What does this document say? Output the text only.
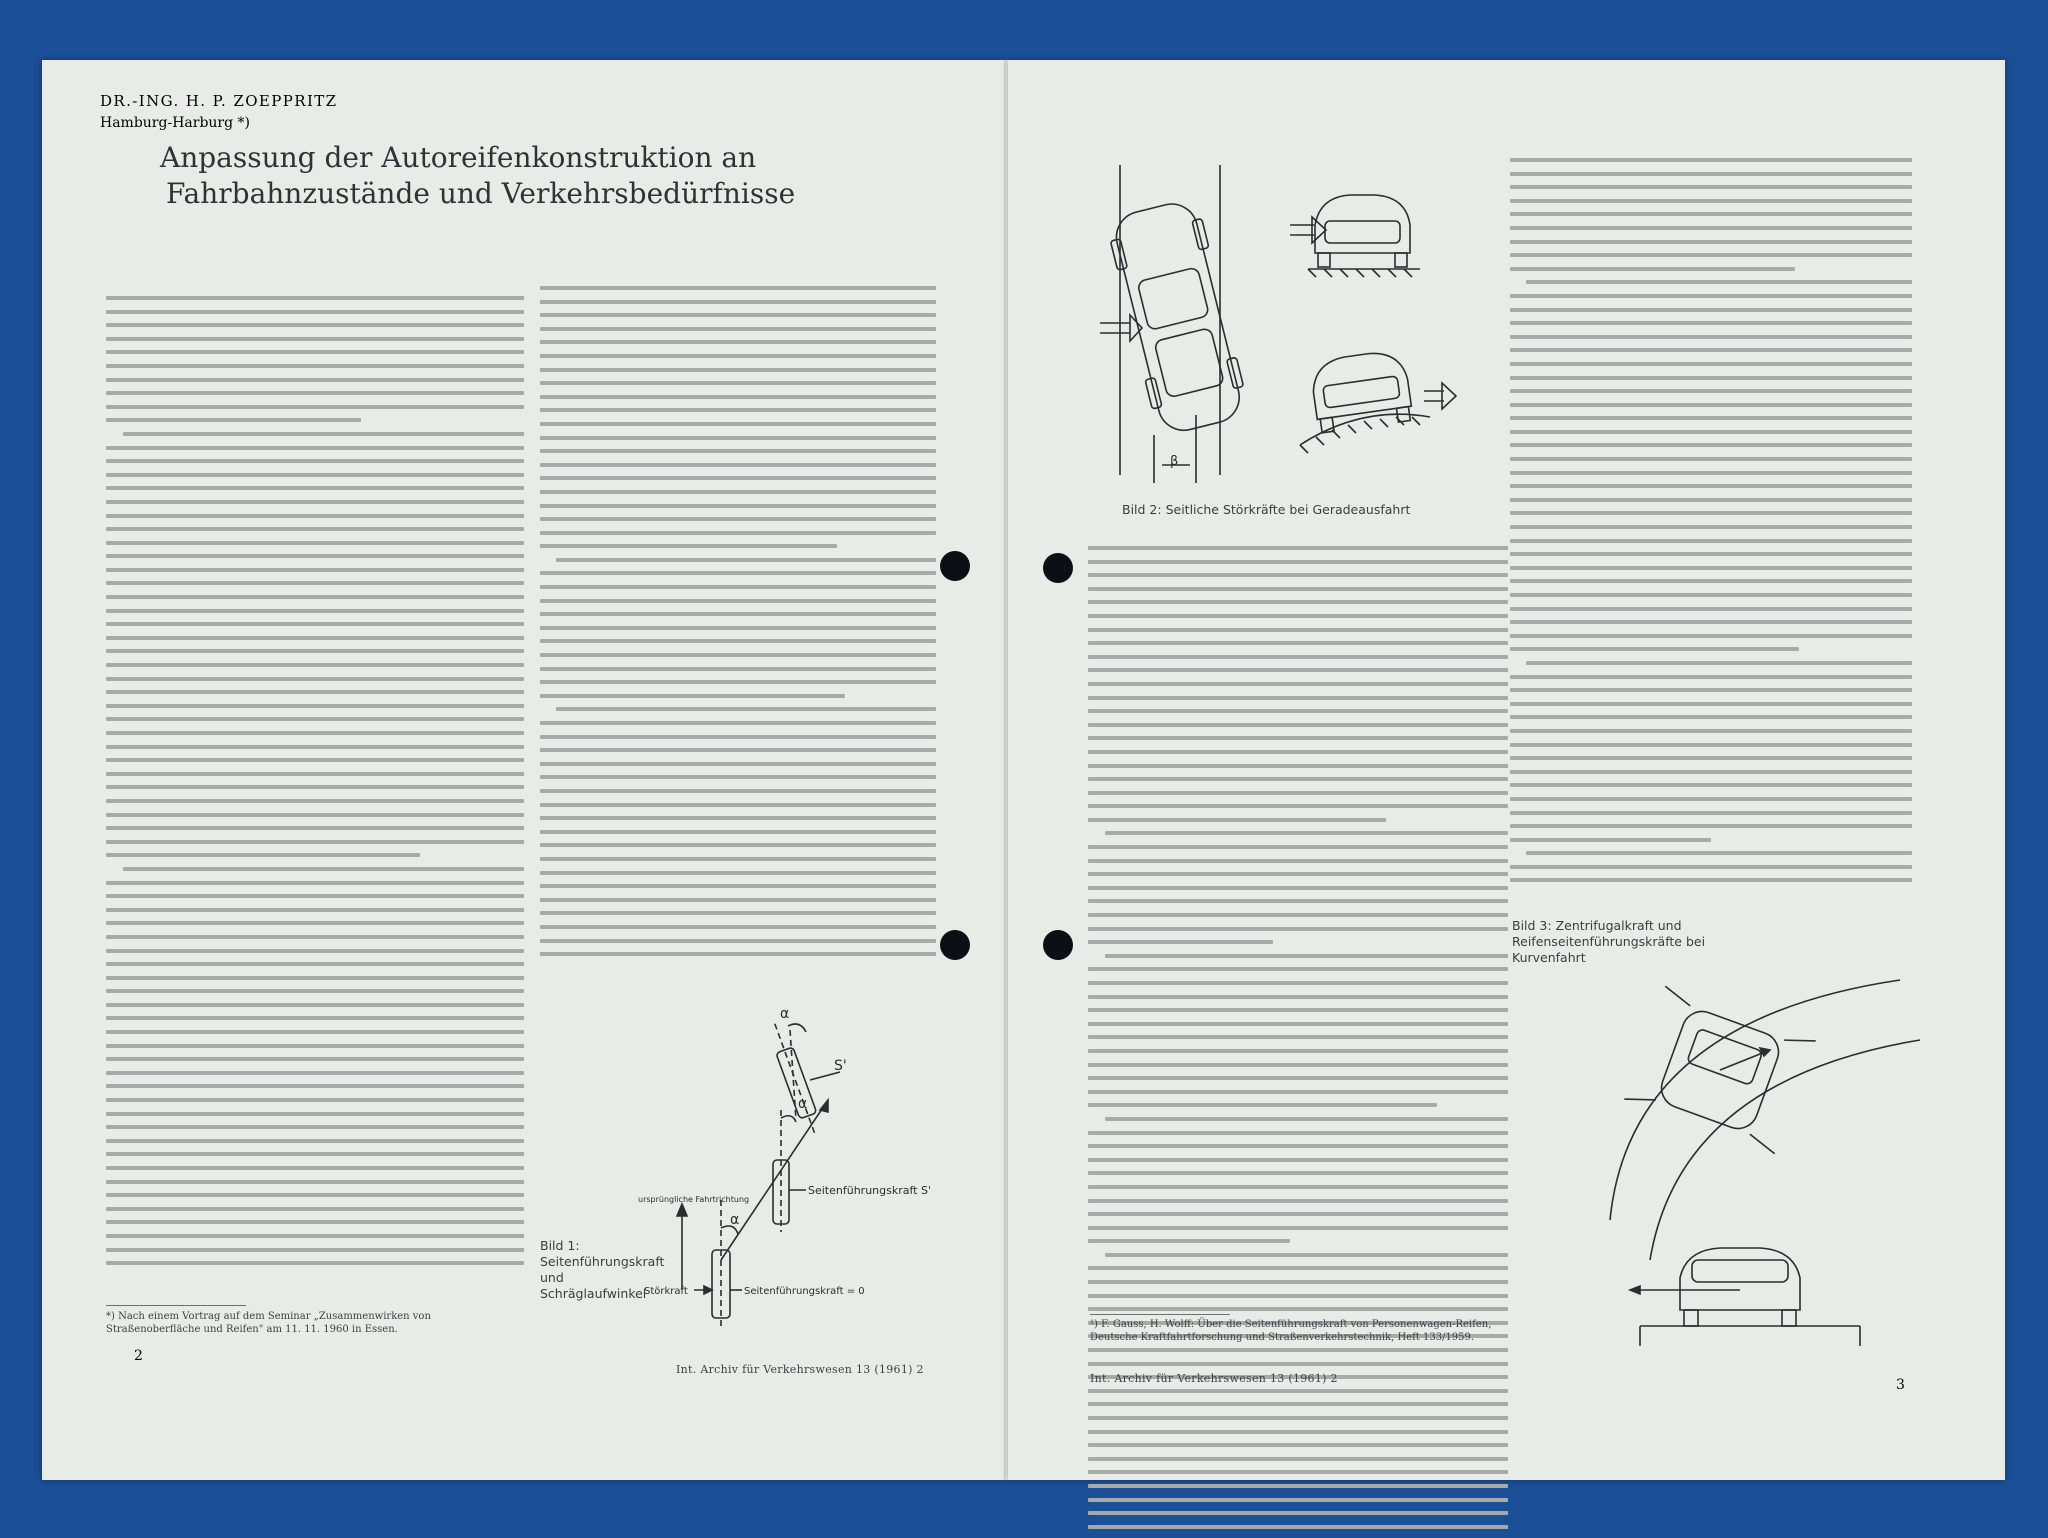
DR.-ING. H. P. ZOEPPRITZ
Hamburg-Harburg *)
Anpassung der Autoreifenkonstruktion an
Fahrbahnzustände und Verkehrsbedürfnisse
*) Nach einem Vortrag auf dem Seminar „Zusammenwirken von Straßenoberfläche und Reifen" am 11. 11. 1960 in Essen.
2
Int. Archiv für Verkehrswesen 13 (1961) 2
Bild 1: Seitenführungskraft und Schräglaufwinkel
α
S'
α
α
Seitenführungskraft S'
ursprüngliche Fahrtrichtung
Störkraft	Seitenführungskraft = 0
β
Bild 2: Seitliche Störkräfte bei Geradeausfahrt
Bild 3: Zentrifugalkraft und Reifenseitenführungskräfte bei Kurvenfahrt
¹) F. Gauss, H. Wolff: Über die Seitenführungskraft von Personenwagen-Reifen, Deutsche Kraftfahrtforschung und Straßenverkehrstechnik, Heft 133/1959.
Int. Archiv für Verkehrswesen 13 (1961) 2	3
